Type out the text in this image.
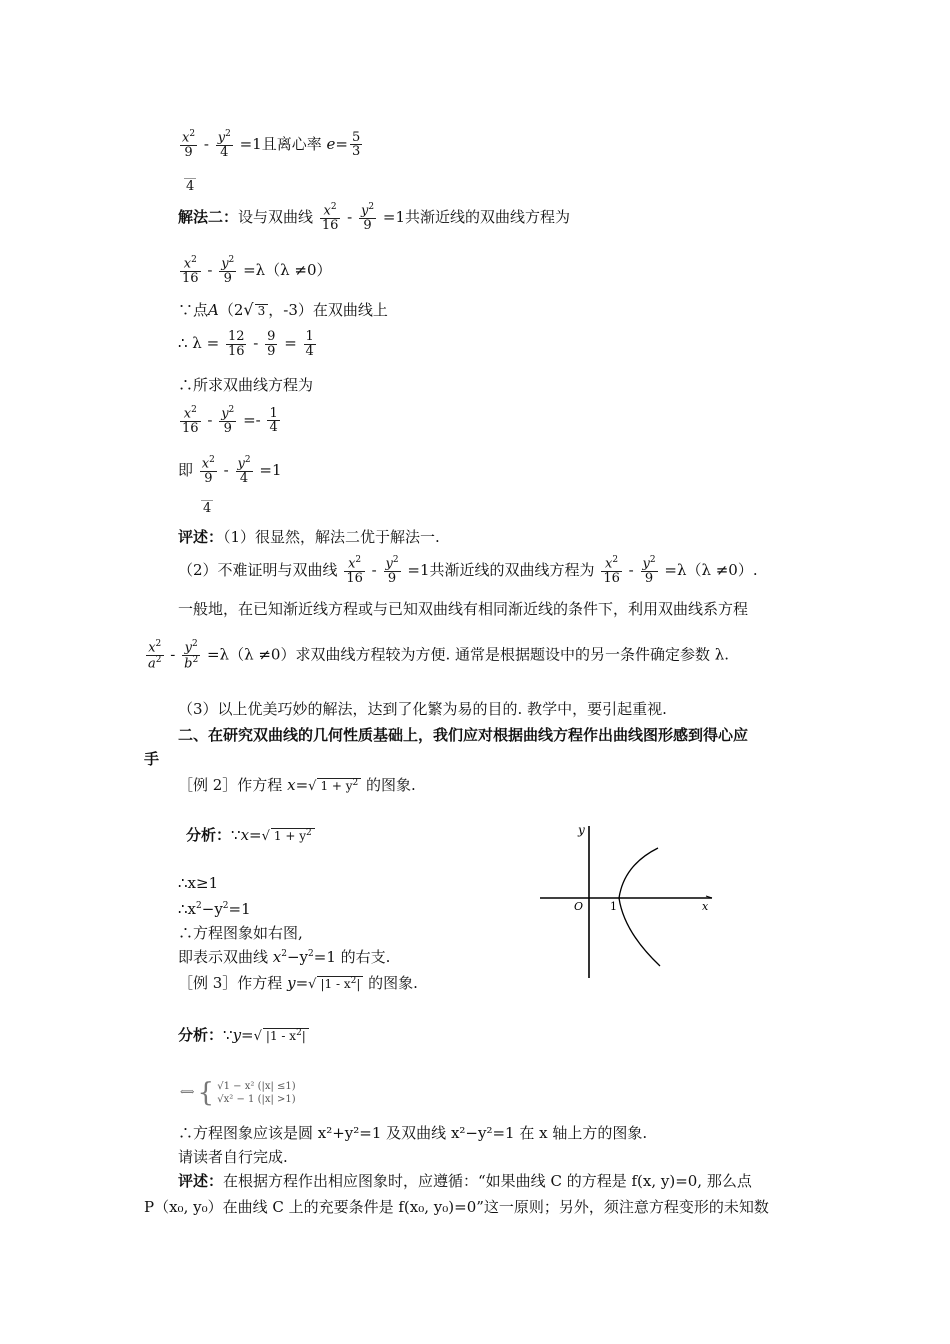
$\frac{x^2}{9} - \frac{y^2}{4} =1$且离心率 $e= \frac{5}{3}$
4
解法二：设与双曲线 $\frac{x^2}{16} - \frac{y^2}{9} =1$共渐近线的双曲线方程为
$\frac{x^2}{16} - \frac{y^2}{9} =\lambda(\lambda \ne 0)$
∵点A（2√ 3 ，-3）在双曲线上
∴ $\lambda = \frac{12}{16} - \frac{9}{9} = \frac{1}{4}$
∴所求双曲线方程为
$\frac{x^2}{16} - \frac{y^2}{9} =- \frac{1}{4}$
即 $\frac{x^2}{9} - \frac{y^2}{4} =1$
4
评述：（1）很显然，解法二优于解法一.
（2）不难证明与双曲线 $\frac{x^2}{16} - \frac{y^2}{9} =1$共渐近线的双曲线方程为 $\frac{x^2}{16} - \frac{y^2}{9} =\lambda(\lambda \ne 0)$.
一般地，在已知渐近线方程或与已知双曲线有相同渐近线的条件下，利用双曲线系方程
$\frac{x^2}{a^2} - \frac{y^2}{b^2} =\lambda(\lambda \ne 0)$求双曲线方程较为方便. 通常是根据题设中的另一条件确定参数 λ.
（3）以上优美巧妙的解法，达到了化繁为易的目的. 教学中，要引起重视.
二、在研究双曲线的几何性质基础上，我们应对根据曲线方程作出曲线图形感到得心应
手
［例 2］作方程 x=√ $1 + y^2$ 的图象.
分析：∵x=√ $1 + y^2$
∴x≥1
$\therefore x^2-y^2=1$
∴方程图象如右图,
即表示双曲线 $x^2-y^2=1$ 的右支.
［例 3］作方程 y=√ $|1 - x^2|$ 的图象.
分析：∵y=√ $|1 - x^2|$
⟺ { √1 − x² (|x| ≤1)
√x² − 1 (|x| >1)
∴方程图象应该是圆 x²+y²=1 及双曲线 x²−y²=1 在 x 轴上方的图象.
请读者自行完成.
评述：在根据方程作出相应图象时，应遵循：“如果曲线 C 的方程是 f(x, y)=0, 那么点
P（x₀, y₀）在曲线 C 上的充要条件是 f(x₀, y₀)=0”这一原则；另外，须注意方程变形的未知数
y
x
O 1
